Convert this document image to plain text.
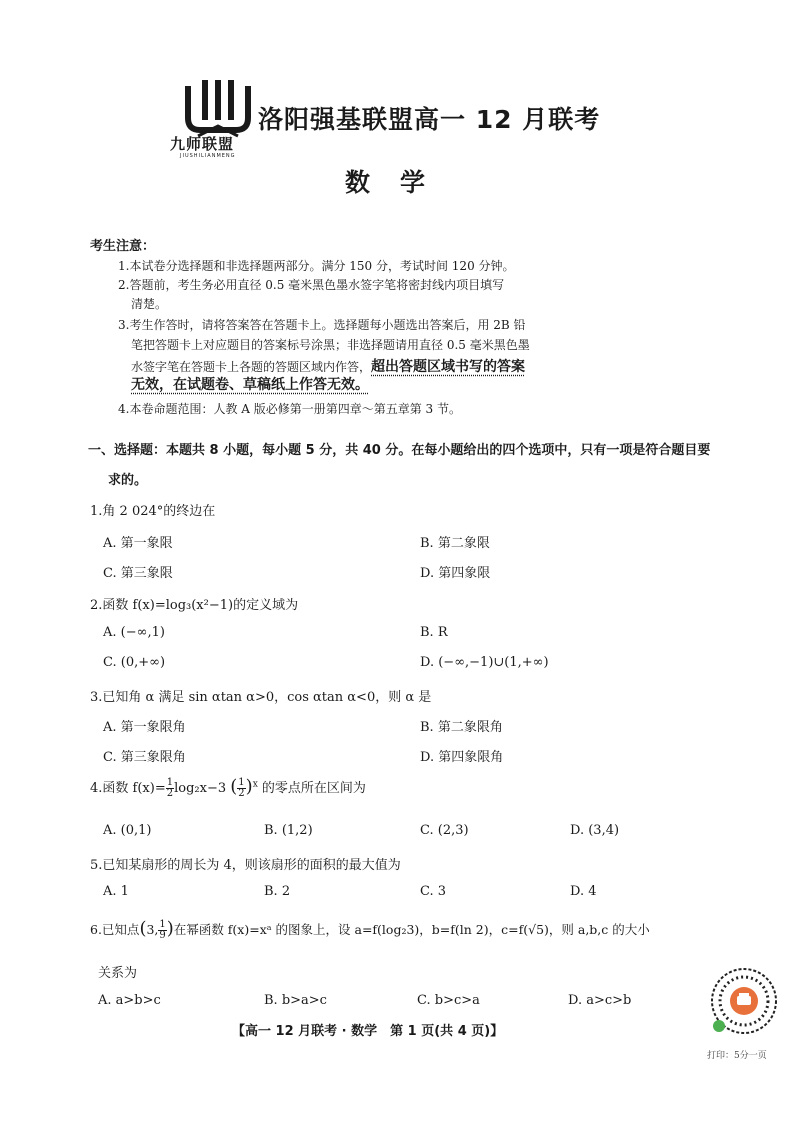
九师联盟
JIUSHILIANMENG
洛阳强基联盟高一 12 月联考
数学
考生注意：
1.本试卷分选择题和非选择题两部分。满分 150 分，考试时间 120 分钟。
2.答题前，考生务必用直径 0.5 毫米黑色墨水签字笔将密封线内项目填写
清楚。
3.考生作答时，请将答案答在答题卡上。选择题每小题选出答案后，用 2B 铅
笔把答题卡上对应题目的答案标号涂黑；非选择题请用直径 0.5 毫米黑色墨
水签字笔在答题卡上各题的答题区域内作答，超出答题区域书写的答案
无效，在试题卷、草稿纸上作答无效。
4.本卷命题范围：人教 A 版必修第一册第四章～第五章第 3 节。
一、选择题：本题共 8 小题，每小题 5 分，共 40 分。在每小题给出的四个选项中，只有一项是符合题目要
求的。
1.角 2 024°的终边在
A. 第一象限	B. 第二象限
C. 第三象限	D. 第四象限
2.函数 f(x)=log₃(x²−1)的定义域为
A. (−∞,1)	B. R
C. (0,+∞)	D. (−∞,−1)∪(1,+∞)
3.已知角 α 满足 sin αtan α>0，cos αtan α<0，则 α 是
A. 第一象限角	B. 第二象限角
C. 第三象限角	D. 第四象限角
4.函数 $f(x)= \frac{1}{2} \log_2x-3$ ( $\frac{1}{2} )^x$ 的零点所在区间为
A. (0,1)	B. (1,2)	C. (2,3)	D. (3,4)
5.已知某扇形的周长为 4，则该扇形的面积的最大值为
A. 1	B. 2	C. 3	D. 4
6.已知点(3, $\frac{1}{9}$ )在幂函数 f(x)=xᵃ 的图象上，设 a=f(log₂3)，b=f(ln 2)，c=f(√5)，则 a,b,c 的大小
关系为
A. a>b>c	B. b>a>c	C. b>c>a	D. a>c>b
【高一 12 月联考 · 数学　第 1 页(共 4 页)】
打印：5分一页
